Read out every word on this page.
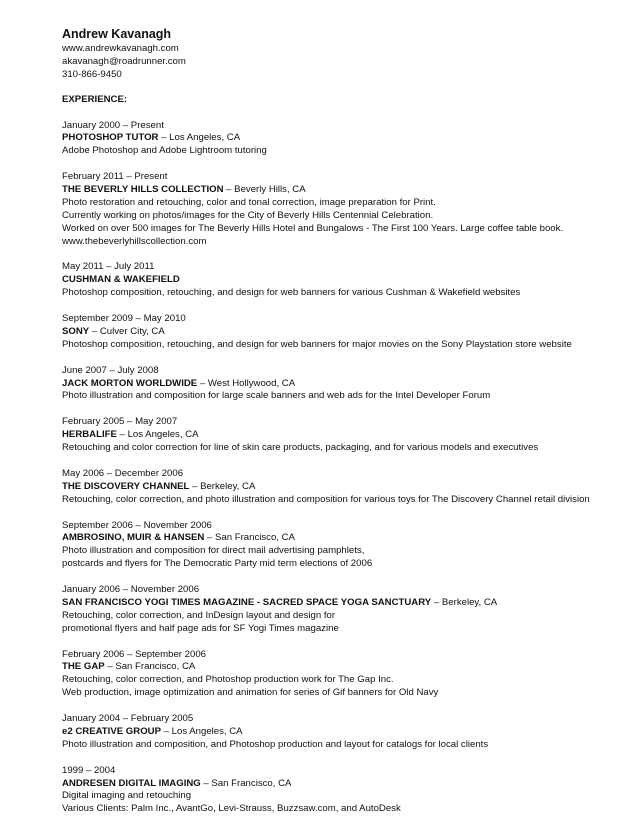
Andrew Kavanagh
www.andrewkavanagh.com
akavanagh@roadrunner.com
310-866-9450
EXPERIENCE:
January 2000 – Present
PHOTOSHOP TUTOR – Los Angeles, CA
Adobe Photoshop and Adobe Lightroom tutoring
February 2011 – Present
THE BEVERLY HILLS COLLECTION – Beverly Hills, CA
Photo restoration and retouching, color and tonal correction, image preparation for Print.
Currently working on photos/images for the City of Beverly Hills Centennial Celebration.
Worked on over 500 images for The Beverly Hills Hotel and Bungalows - The First 100 Years. Large coffee table book.
www.thebeverlyhillscollection.com
May 2011 – July 2011
CUSHMAN & WAKEFIELD
Photoshop composition, retouching, and design for web banners for various Cushman & Wakefield websites
September 2009 – May 2010
SONY – Culver City, CA
Photoshop composition, retouching, and design for web banners for major movies on the Sony Playstation store website
June 2007 – July 2008
JACK MORTON WORLDWIDE – West Hollywood, CA
Photo illustration and composition for large scale banners and web ads for the Intel Developer Forum
February 2005 – May 2007
HERBALIFE – Los Angeles, CA
Retouching and color correction for line of skin care products, packaging, and for various models and executives
May 2006 – December 2006
THE DISCOVERY CHANNEL – Berkeley, CA
Retouching, color correction, and photo illustration and composition for various toys for The Discovery Channel retail division
September 2006 – November 2006
AMBROSINO, MUIR & HANSEN – San Francisco, CA
Photo illustration and composition for direct mail advertising pamphlets,
postcards and flyers for The Democratic Party mid term elections of 2006
January 2006 – November 2006
SAN FRANCISCO YOGI TIMES MAGAZINE - SACRED SPACE YOGA SANCTUARY – Berkeley, CA
Retouching, color correction, and InDesign layout and design for
promotional flyers and half page ads for SF Yogi Times magazine
February 2006 – September 2006
THE GAP – San Francisco, CA
Retouching, color correction, and Photoshop production work for The Gap Inc.
Web production, image optimization and animation for series of Gif banners for Old Navy
January 2004 – February 2005
e2 CREATIVE GROUP – Los Angeles, CA
Photo illustration and composition, and Photoshop production and layout for catalogs for local clients
1999 – 2004
ANDRESEN DIGITAL IMAGING – San Francisco, CA
Digital imaging and retouching
Various Clients: Palm Inc., AvantGo, Levi-Strauss, Buzzsaw.com, and AutoDesk
